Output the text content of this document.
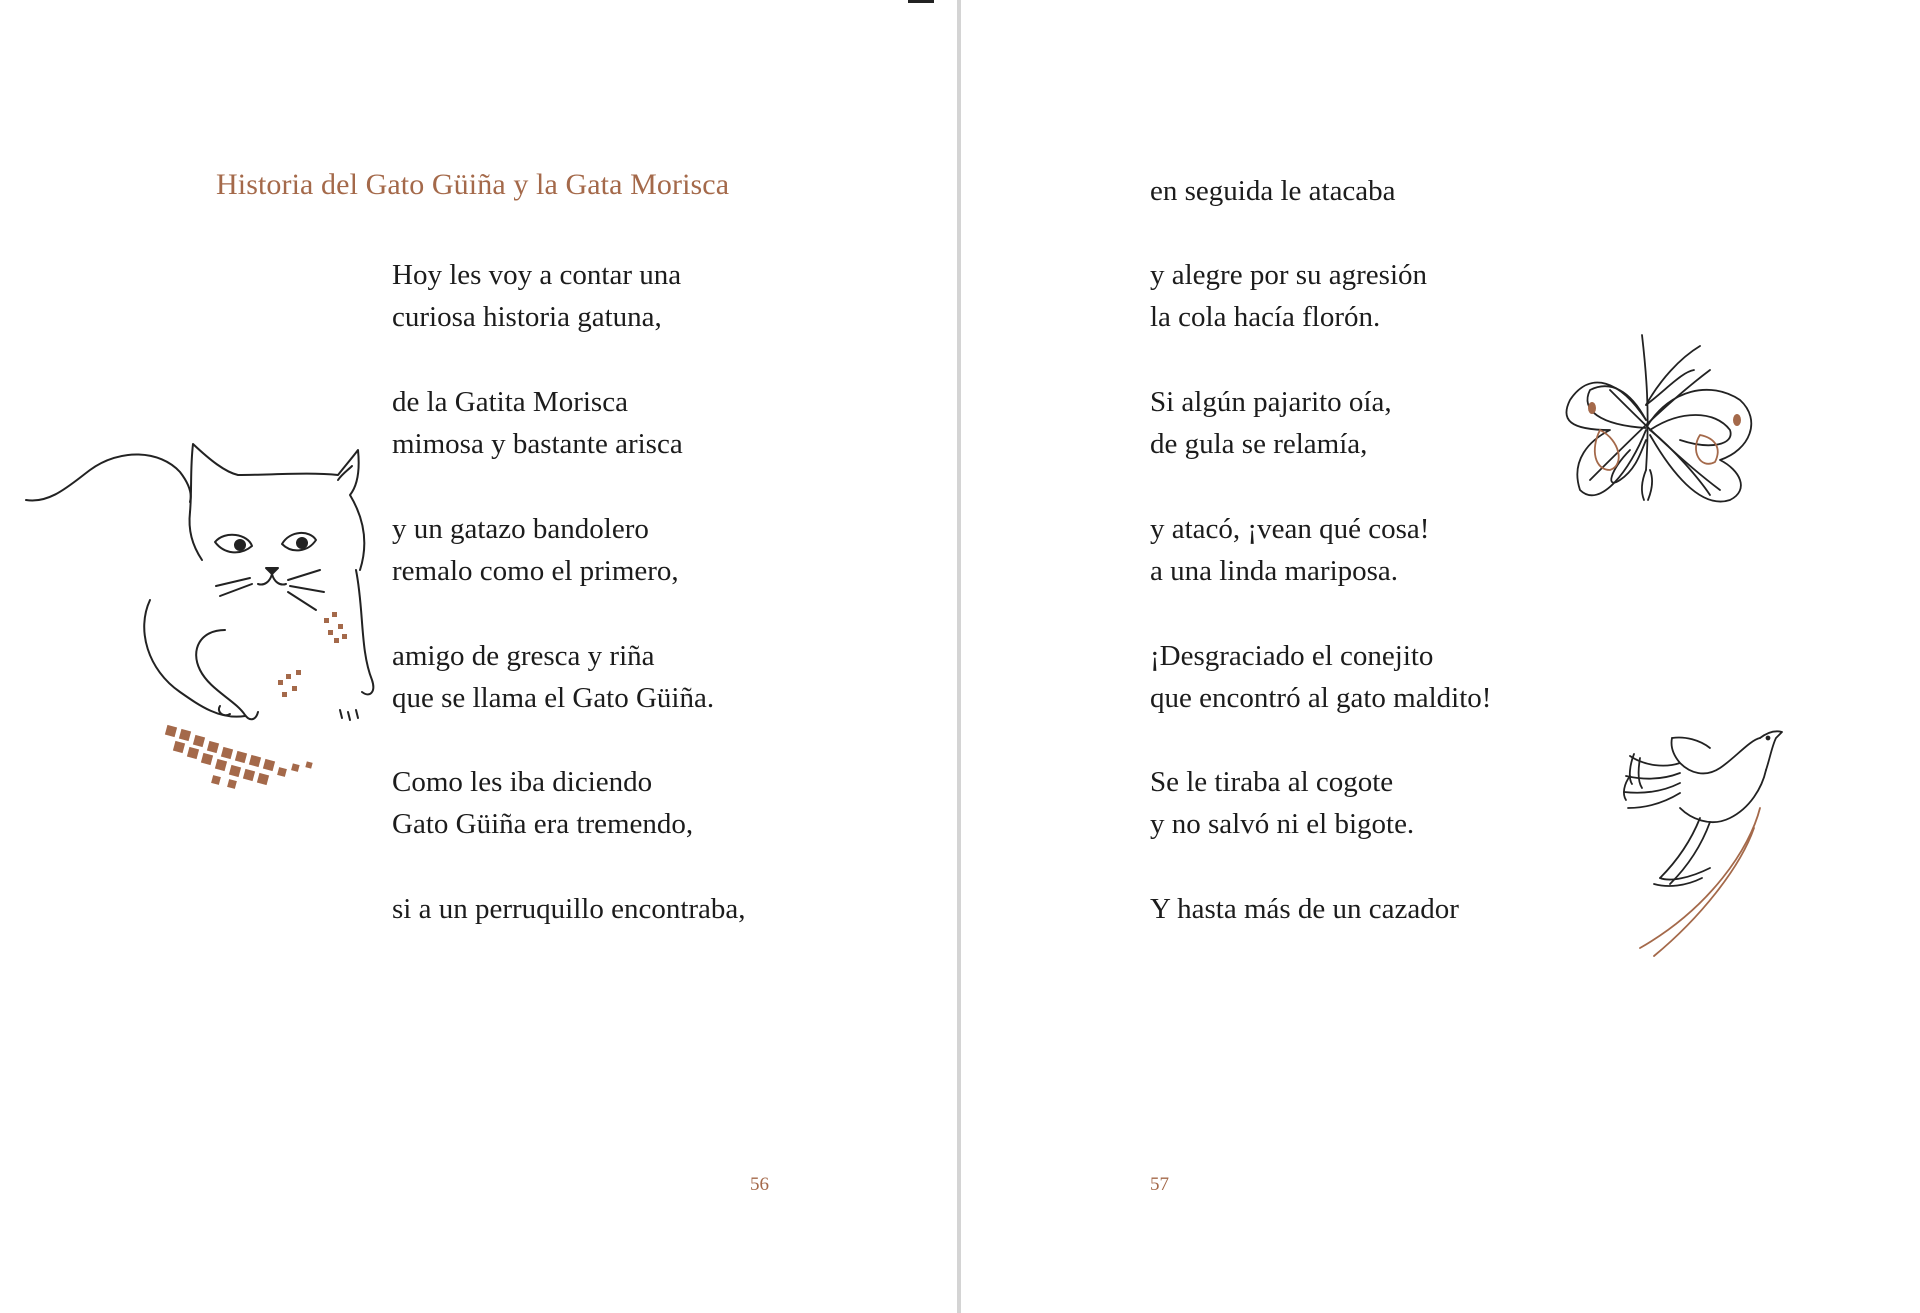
Historia del Gato Güiña y la Gata Morisca

Hoy les voy a contar una
curiosa historia gatuna,

de la Gatita Morisca
mimosa y bastante arisca

y un gatazo bandolero
remalo como el primero,

amigo de gresca y riña
que se llama el Gato Güiña.

Como les iba diciendo
Gato Güiña era tremendo,

si a un perruquillo encontraba,

56

en seguida le atacaba

y alegre por su agresión
la cola hacía florón.

Si algún pajarito oía,
de gula se relamía,

y atacó, ¡vean qué cosa!
a una linda mariposa.

¡Desgraciado el conejito
que encontró al gato maldito!

Se le tiraba al cogote
y no salvó ni el bigote.

Y hasta más de un cazador

57
